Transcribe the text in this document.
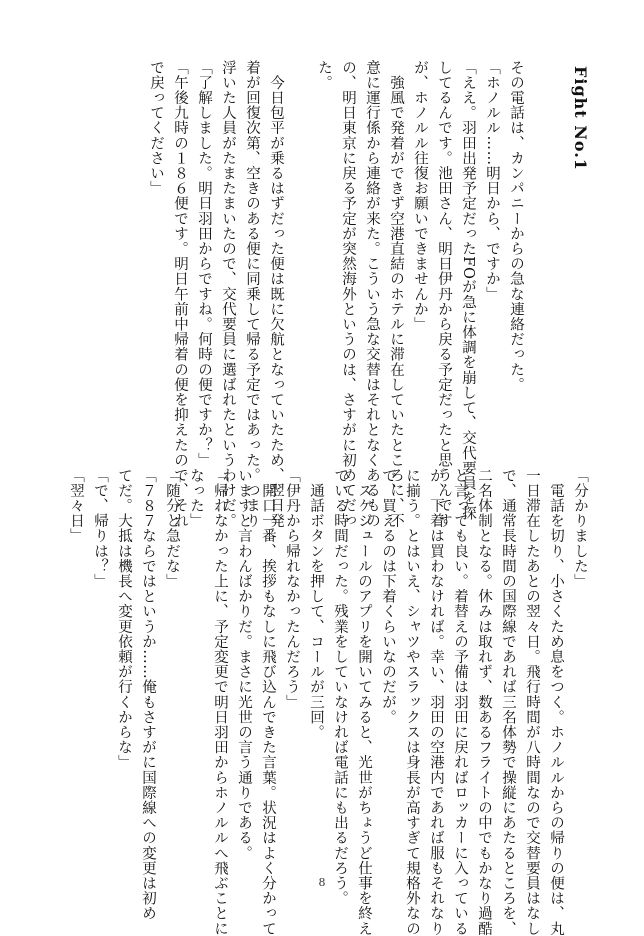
Fight No.1
その電話は、カンパニーからの急な連絡だった。
「ホノルル……明日から、ですか」
「ええ。羽田出発予定だったFOが急に体調を崩して、交代要員を探
してるんです。池田さん、明日伊丹から戻る予定だったと思うんです
が、ホノルル往復お願いできませんか」
　強風で発着ができず空港直結のホテルに滞在していたところに、不
意に運行係から連絡が来た。こういう急な交替はそれとなくあるもの
の、明日東京に戻る予定が突然海外というのは、さすがに初めてだっ
た。
　今日包平が乗るはずだった便は既に欠航となっていたため、翌日発
着が回復次第、空きのある便に同乗して帰る予定ではあった。つまり
浮いた人員がたまたまいたので、交代要員に選ばれたというわけだ。
「了解しました。明日羽田からですね。何時の便ですか？」
「午後九時の１８６便です。明日午前中帰着の便を抑えたので、それ
で戻ってください」
「分かりました」
　電話を切り、小さくため息をつく。ホノルルからの帰りの便は、丸
一日滞在したあとの翌々日。飛行時間が八時間なので交替要員はなし
で、通常長時間の国際線であれば三名体勢で操縦にあたるところを、
二名体制となる。休みは取れず、数あるフライトの中でもかなり過酷
と言っても良い。着替えの予備は羽田に戻ればロッカーに入っている
が、下着は買わなければ。幸い、羽田の空港内であれば服もそれなり
に揃う。とはいえ、シャツやスラックスは身長が高すぎて規格外なの
で、買えるのは下着くらいなのだが。
　スケジュールのアプリを開いてみると、光世がちょうど仕事を終え
ている時間だった。残業をしていなければ電話にも出るだろう。
　通話ボタンを押して、コールが三回。
「伊丹から帰れなかったんだろう」
　開口一番、挨拶もなしに飛び込んできた言葉。状況はよく分かって
いますと言わんばかりだ。まさに光世の言う通りである。
「帰れなかった上に、予定変更で明日羽田からホノルルへ飛ぶことに
なった」
「随分と急だな」
「７８７ならではというか……俺もさすがに国際線への変更は初め
てだ。大抵は機長へ変更依頼が行くからな」
「で、帰りは？」
「翌々日」
8
